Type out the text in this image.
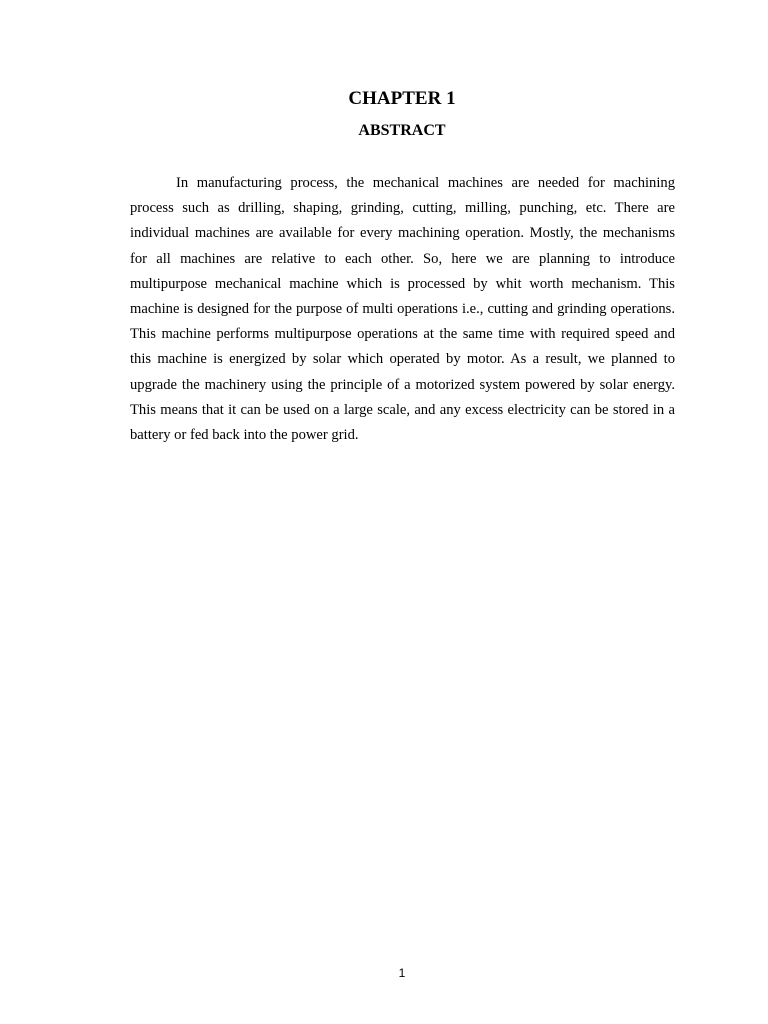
CHAPTER 1
ABSTRACT

In manufacturing process, the mechanical machines are needed for machining process such as drilling, shaping, grinding, cutting, milling, punching, etc. There are individual machines are available for every machining operation. Mostly, the mechanisms for all machines are relative to each other. So, here we are planning to introduce multipurpose mechanical machine which is processed by whit worth mechanism. This machine is designed for the purpose of multi operations i.e., cutting and grinding operations. This machine performs multipurpose operations at the same time with required speed and this machine is energized by solar which operated by motor. As a result, we planned to upgrade the machinery using the principle of a motorized system powered by solar energy. This means that it can be used on a large scale, and any excess electricity can be stored in a battery or fed back into the power grid.

1
